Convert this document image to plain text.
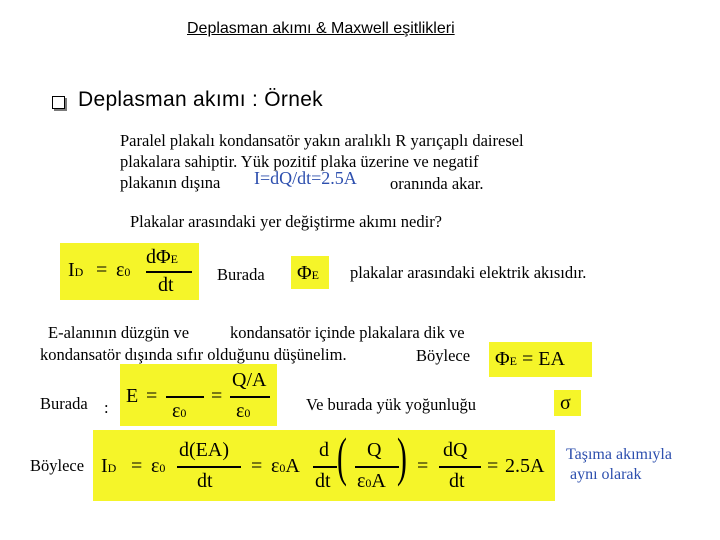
Deplasman akımı & Maxwell eşitlikleri
Deplasman akımı : Örnek
Paralel plakalı kondansatör yakın aralıklı R yarıçaplı dairesel
plakalara sahiptir. Yük pozitif plaka üzerine ve negatif
plakanın dışına I=dQ/dt=2.5A oranında akar.
Plakalar arasındaki yer değiştirme akımı nedir?
ID = ε0
dΦE
dt	Burada ΦE plakalar arasındaki elektrik akısıdır.
E-alanının düzgün ve kondansatör içinde plakalara dik ve
kondansatör dışında sıfır olduğunu düşünelim.	Böylece ΦE = EA
Burada :
E =
ε0
=
Q/A
ε0	Ve burada yük yoğunluğu	σ
Böylece ID = ε0
d(EA)
dt
= ε0A
d
dt ( Q
ε0A ) =
dQ
dt
= 2.5A
Taşıma akımıyla
aynı olarak
